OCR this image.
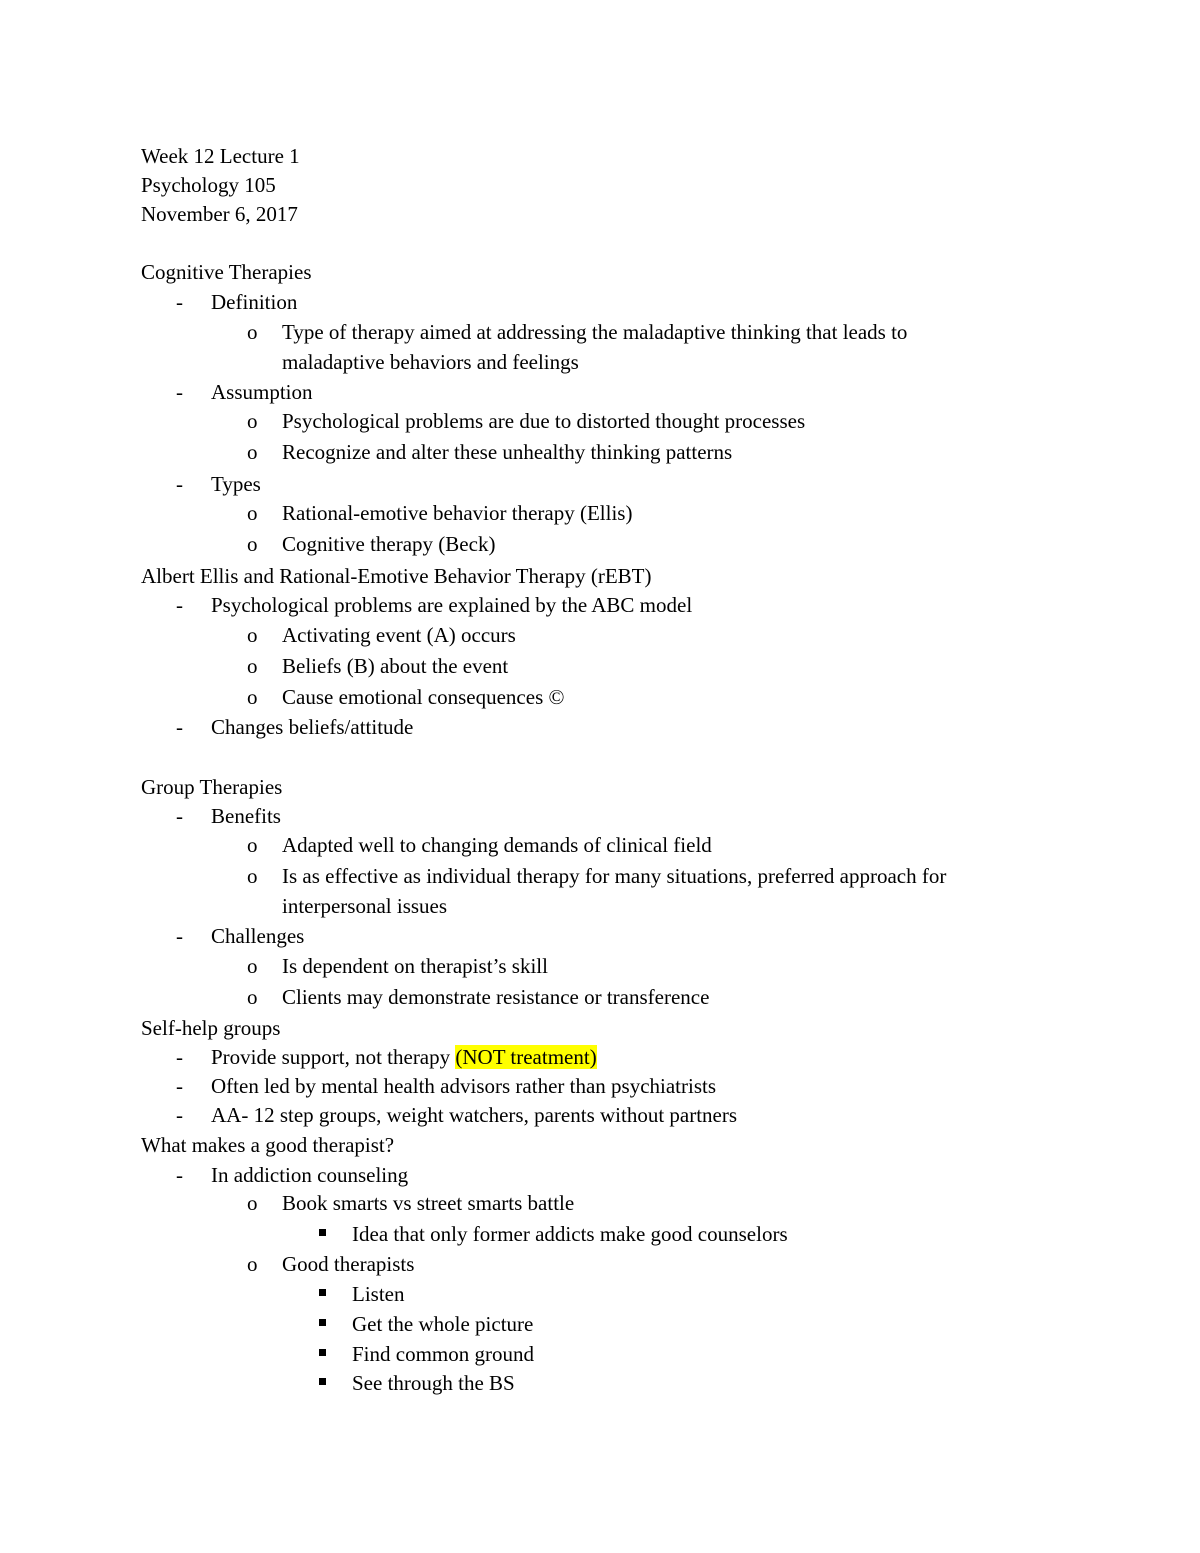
Week 12 Lecture 1
Psychology 105
November 6, 2017
Cognitive Therapies
- Definition
o Type of therapy aimed at addressing the maladaptive thinking that leads to
maladaptive behaviors and feelings
- Assumption
o Psychological problems are due to distorted thought processes
o Recognize and alter these unhealthy thinking patterns
- Types
o Rational-emotive behavior therapy (Ellis)
o Cognitive therapy (Beck)
Albert Ellis and Rational-Emotive Behavior Therapy (rEBT)
- Psychological problems are explained by the ABC model
o Activating event (A) occurs
o Beliefs (B) about the event
o Cause emotional consequences ©
- Changes beliefs/attitude
Group Therapies
- Benefits
o Adapted well to changing demands of clinical field
o Is as effective as individual therapy for many situations, preferred approach for
interpersonal issues
- Challenges
o Is dependent on therapist’s skill
o Clients may demonstrate resistance or transference
Self-help groups
- Provide support, not therapy (NOT treatment)
- Often led by mental health advisors rather than psychiatrists
- AA- 12 step groups, weight watchers, parents without partners
What makes a good therapist?
- In addiction counseling
o Book smarts vs street smarts battle
Idea that only former addicts make good counselors
o Good therapists
Listen
Get the whole picture
Find common ground
See through the BS
